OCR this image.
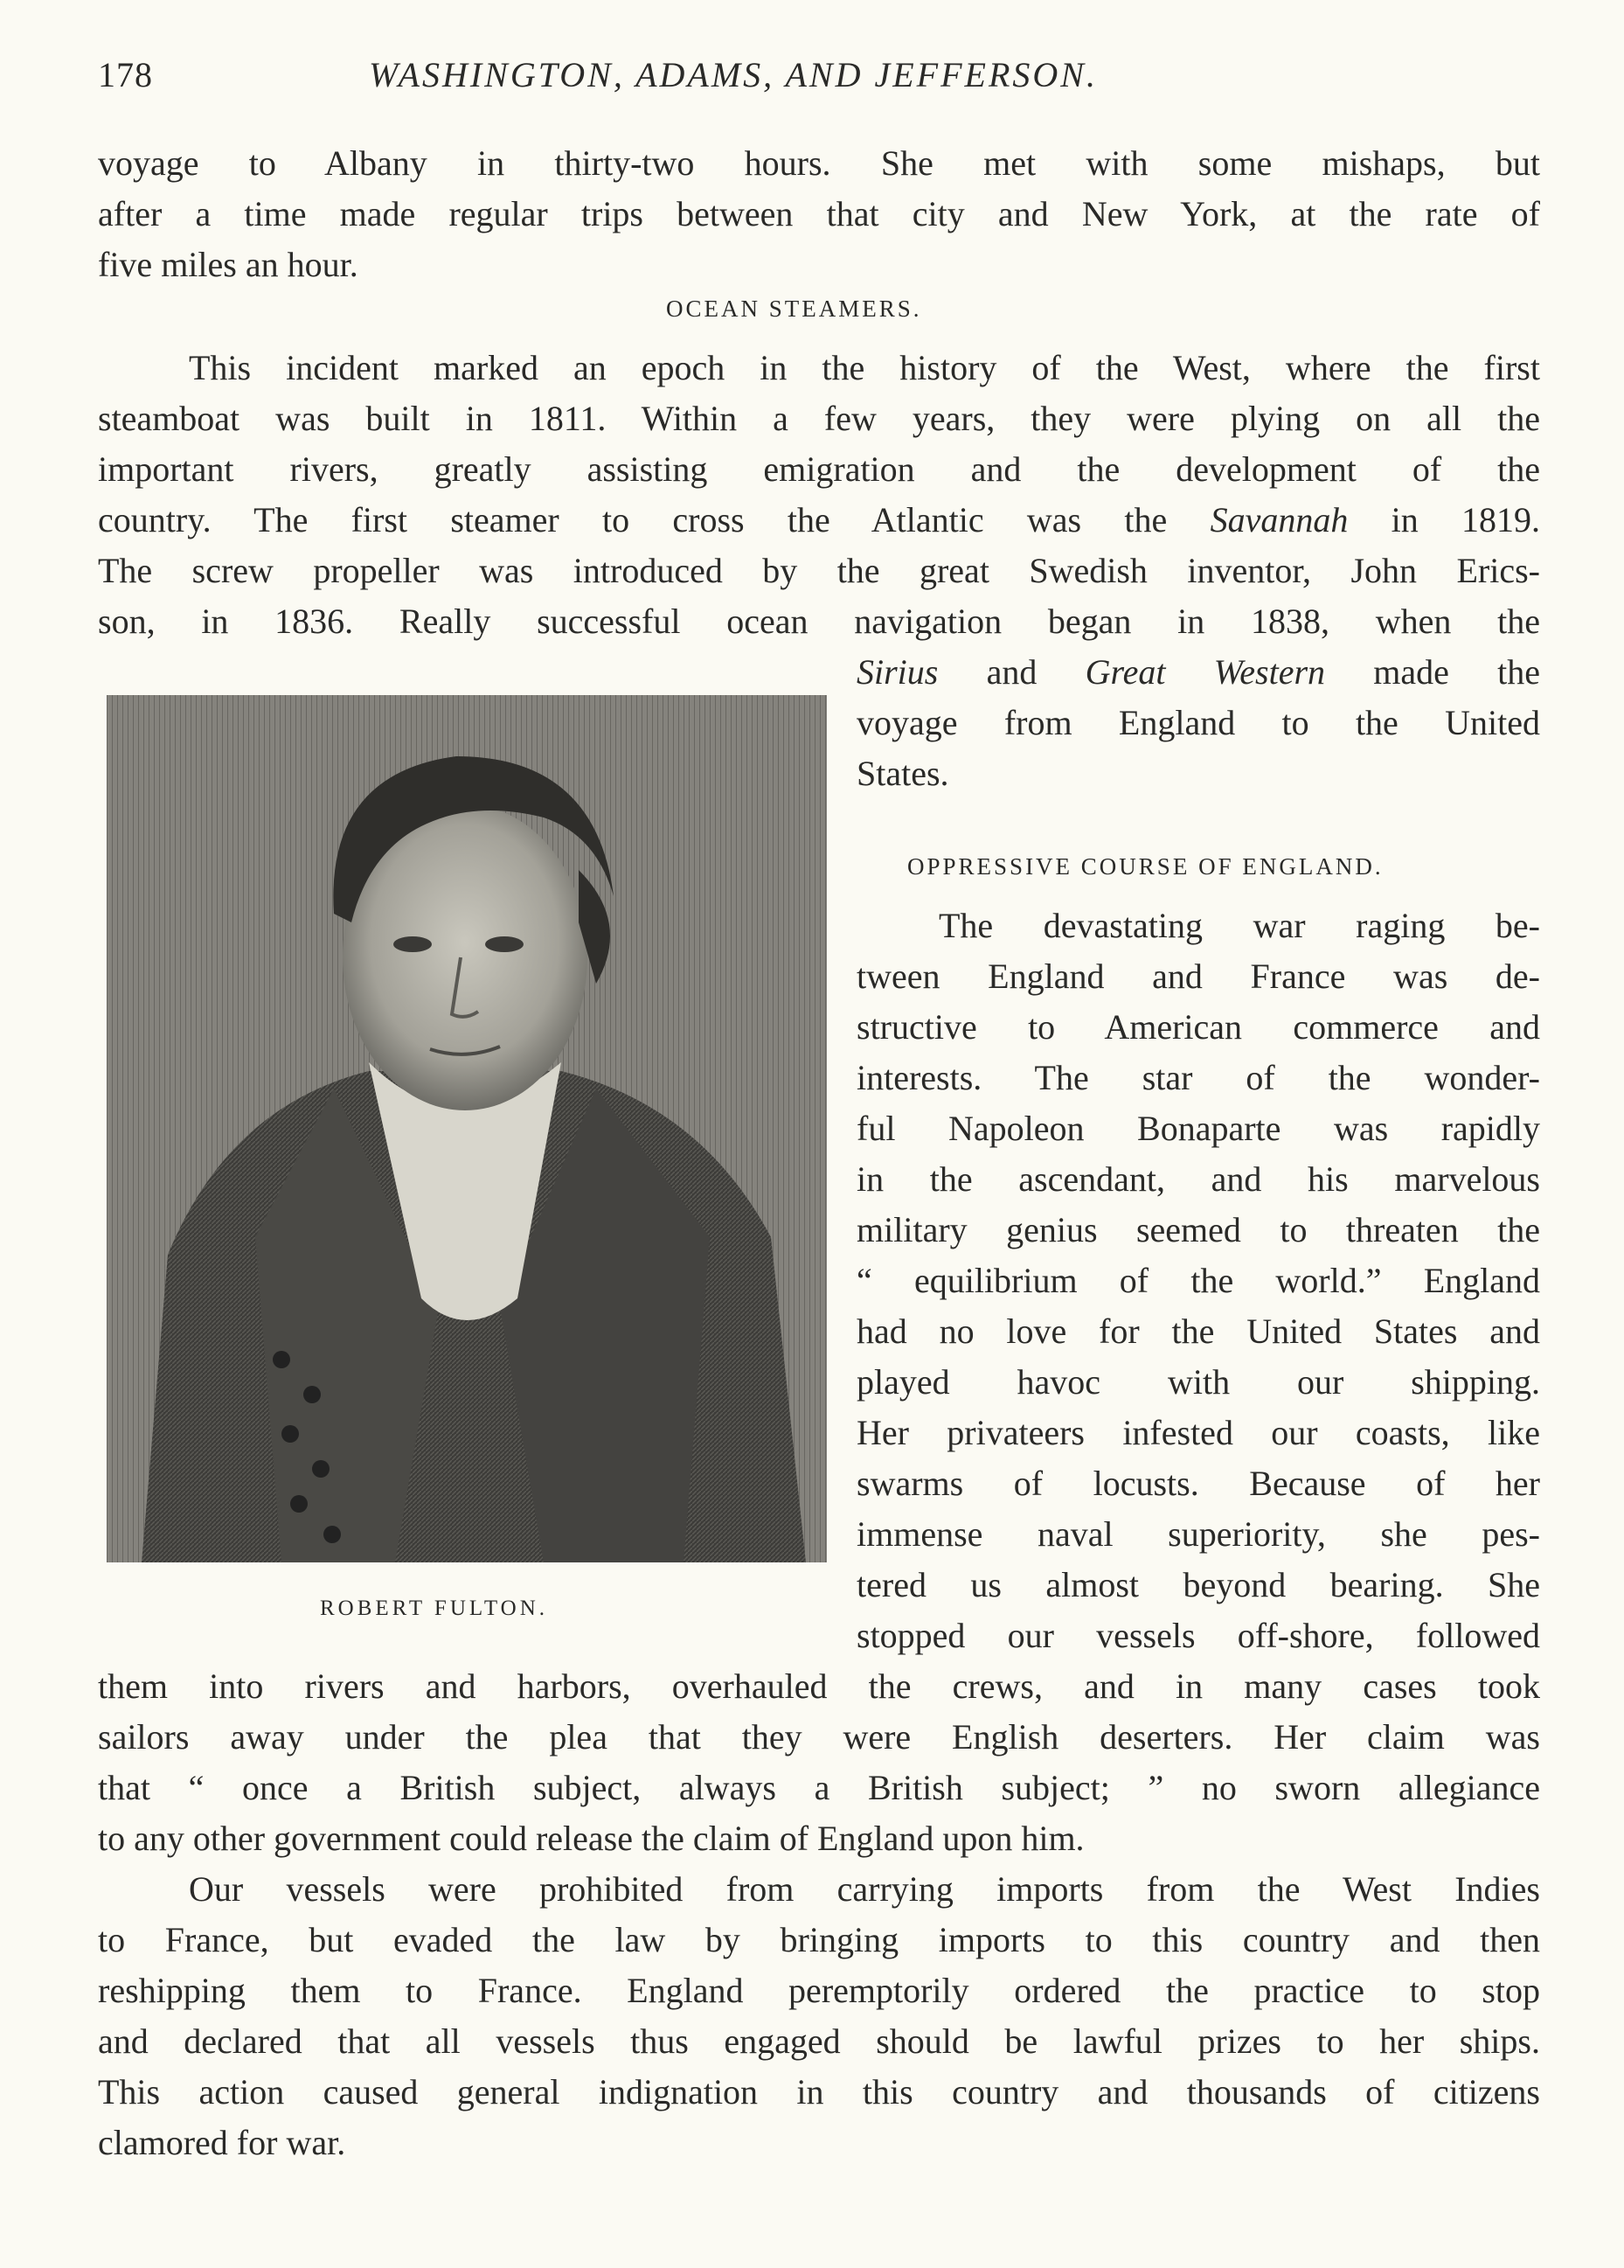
178	WASHINGTON, ADAMS, AND JEFFERSON.
voyage to Albany in thirty-two hours. She met with some mishaps, but
after a time made regular trips between that city and New York, at the rate of
five miles an hour.
OCEAN STEAMERS.
This incident marked an epoch in the history of the West, where the first
steamboat was built in 1811. Within a few years, they were plying on all the
important rivers, greatly assisting emigration and the development of the
country. The first steamer to cross the Atlantic was the Savannah in 1819.
The screw propeller was introduced by the great Swedish inventor, John Erics-
son, in 1836. Really successful ocean navigation began in 1838, when the
Sirius and Great Western made the
voyage from England to the United
States.
OPPRESSIVE COURSE OF ENGLAND.
The devastating war raging be-
tween England and France was de-
structive to American commerce and
interests. The star of the wonder-
ful Napoleon Bonaparte was rapidly
in the ascendant, and his marvelous
military genius seemed to threaten the
“ equilibrium of the world.” England
had no love for the United States and
played havoc with our shipping.
Her privateers infested our coasts, like
swarms of locusts. Because of her
immense naval superiority, she pes-
tered us almost beyond bearing. She
stopped our vessels off-shore, followed
ROBERT FULTON.
them into rivers and harbors, overhauled the crews, and in many cases took
sailors away under the plea that they were English deserters. Her claim was
that “ once a British subject, always a British subject; ” no sworn allegiance
to any other government could release the claim of England upon him.
Our vessels were prohibited from carrying imports from the West Indies
to France, but evaded the law by bringing imports to this country and then
reshipping them to France. England peremptorily ordered the practice to stop
and declared that all vessels thus engaged should be lawful prizes to her ships.
This action caused general indignation in this country and thousands of citizens
clamored for war.
